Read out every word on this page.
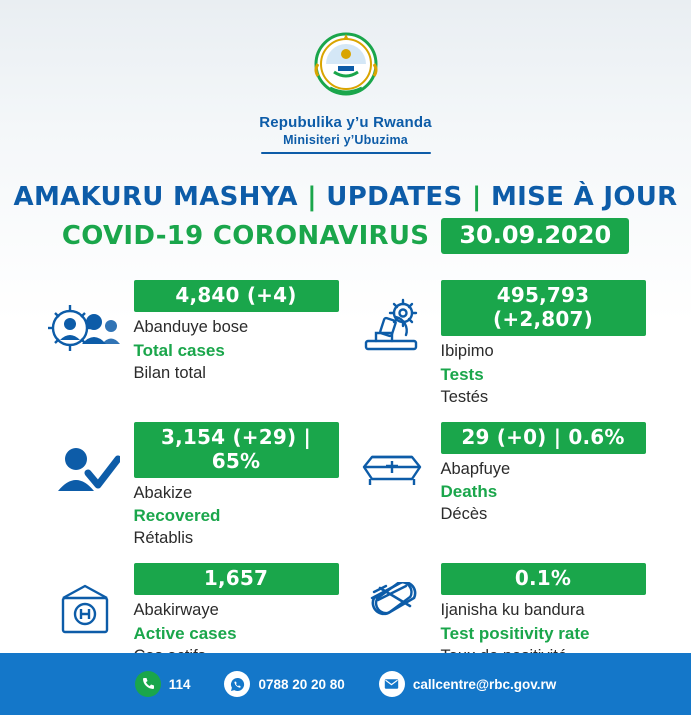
Repubulika y’u Rwanda
Minisiteri y’Ubuzima
AMAKURU MASHYA | UPDATES | MISE À JOUR
COVID-19 CORONAVIRUS	30.09.2020
4,840 (+4)
Abanduye bose
Total cases
Bilan total
495,793 (+2,807)
Ibipimo
Tests
Testés
3,154 (+29) | 65%
Abakize
Recovered
Rétablis
29 (+0) | 0.6%
Abapfuye
Deaths
Décès
1,657
Abakirwaye
Active cases
0.1%
Ijanisha ku bandura
Test positivity rate
114	0788 20 20 80	callcentre@rbc.gov.rw
